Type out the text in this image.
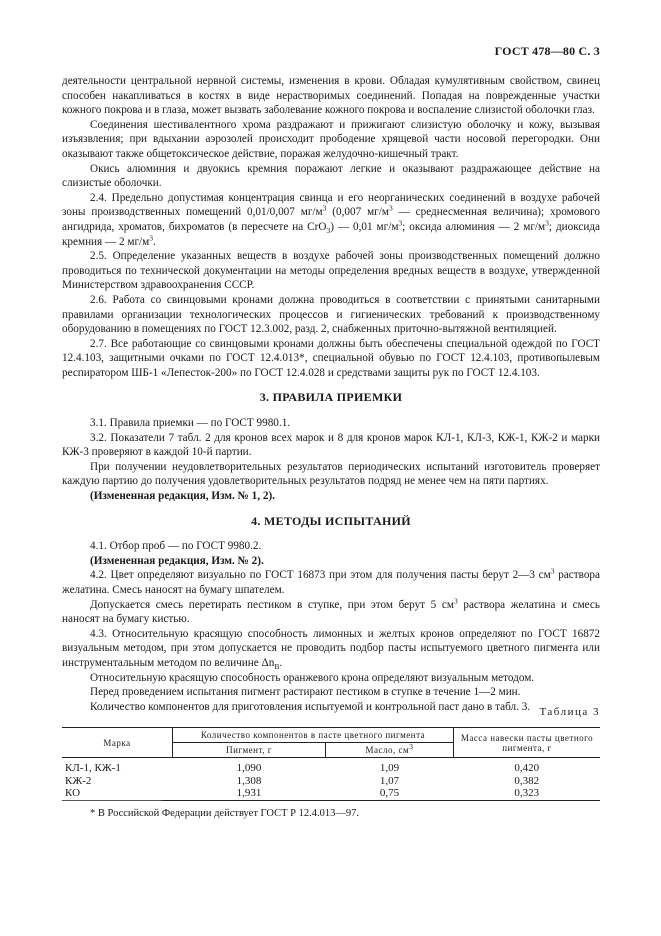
ГОСТ 478—80 С. 3

деятельности центральной нервной системы, изменения в крови. Обладая кумулятивным свойством, свинец способен накапливаться в костях в виде нерастворимых соединений. Попадая на поврежденные участки кожного покрова и в глаза, может вызвать заболевание кожного покрова и воспаление слизистой оболочки глаз.

Соединения шестивалентного хрома раздражают и прижигают слизистую оболочку и кожу, вызывая изъязвления; при вдыхании аэрозолей происходит прободение хрящевой части носовой перегородки. Они оказывают также общетоксическое действие, поражая желудочно-кишечный тракт.

Окись алюминия и двуокись кремния поражают легкие и оказывают раздражающее действие на слизистые оболочки.

2.4. Предельно допустимая концентрация свинца и его неорганических соединений в воздухе рабочей зоны производственных помещений 0,01/0,007 $мг/м^3$ (0,007 $мг/м^3$ — среднесменная величина); хромового ангидрида, хроматов, бихроматов (в пересчете на CrO$_3$) — 0,01 $мг/м^3$; оксида алюминия — 2 $мг/м^3$; диоксида кремния — 2 $мг/м^3$.

2.5. Определение указанных веществ в воздухе рабочей зоны производственных помещений должно проводиться по технической документации на методы определения вредных веществ в воздухе, утвержденной Министерством здравоохранения СССР.

2.6. Работа со свинцовыми кронами должна проводиться в соответствии с принятыми санитарными правилами организации технологических процессов и гигиенических требований к производственному оборудованию в помещениях по ГОСТ 12.3.002, разд. 2, снабженных приточно-вытяжной вентиляцией.

2.7. Все работающие со свинцовыми кронами должны быть обеспечены специальной одеждой по ГОСТ 12.4.103, защитными очками по ГОСТ 12.4.013*, специальной обувью по ГОСТ 12.4.103, противопылевым респиратором ШБ-1 «Лепесток-200» по ГОСТ 12.4.028 и средствами защиты рук по ГОСТ 12.4.103.

3. ПРАВИЛА ПРИЕМКИ

3.1. Правила приемки — по ГОСТ 9980.1.

3.2. Показатели 7 табл. 2 для кронов всех марок и 8 для кронов марок КЛ-1, КЛ-3, КЖ-1, КЖ-2 и марки КЖ-3 проверяют в каждой 10-й партии.

При получении неудовлетворительных результатов периодических испытаний изготовитель проверяет каждую партию до получения удовлетворительных результатов подряд не менее чем на пяти партиях.

(Измененная редакция, Изм. № 1, 2).

4. МЕТОДЫ ИСПЫТАНИЙ

4.1. Отбор проб — по ГОСТ 9980.2.

(Измененная редакция, Изм. № 2).

4.2. Цвет определяют визуально по ГОСТ 16873 при этом для получения пасты берут 2—3 $см^3$ раствора желатина. Смесь наносят на бумагу шпателем.

Допускается смесь перетирать пестиком в ступке, при этом берут 5 $см^3$ раствора желатина и смесь наносят на бумагу кистью.

4.3. Относительную красящую способность лимонных и желтых кронов определяют по ГОСТ 16872 визуальным методом, при этом допускается не проводить подбор пасты испытуемого цветного пигмента или инструментальным методом по величине $\Delta n_B$.

Относительную красящую способность оранжевого крона определяют визуальным методом.

Перед проведением испытания пигмент растирают пестиком в ступке в течение 1—2 мин.

Количество компонентов для приготовления испытуемой и контрольной паст дано в табл. 3. Таблица 3
Марка	Количество компонентов в пасте цветного пигмента		Масса навески пасты цветного пигмента, г
	Пигмент, г	Масло, $см^3$
КЛ-1, КЖ-1	1,090	1,09	0,420
КЖ-2	1,308	1,07	0,382
КО	1,931	0,75	0,323
* В Российской Федерации действует ГОСТ Р 12.4.013—97.
